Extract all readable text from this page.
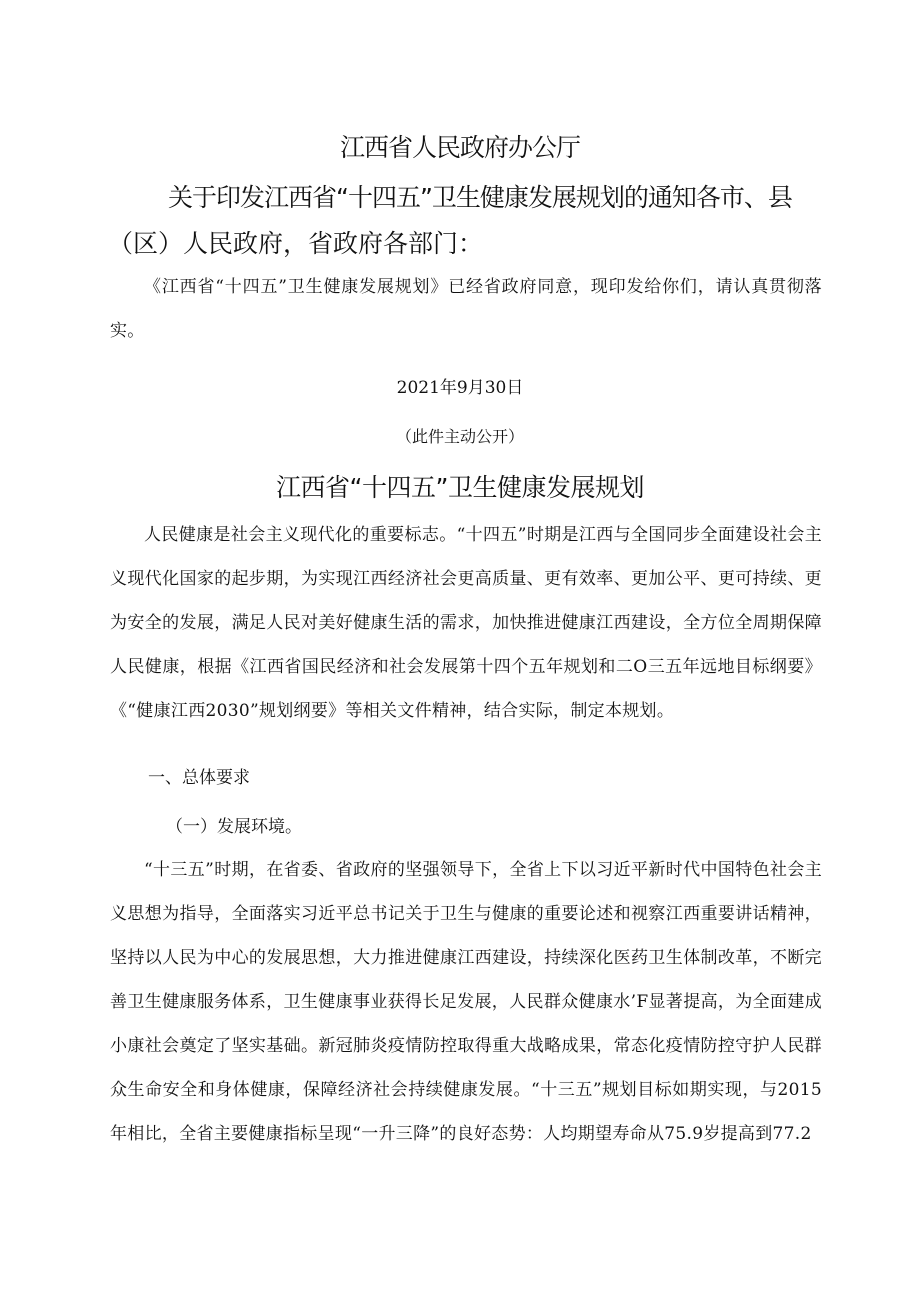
江西省人民政府办公厅
关于印发江西省“十四五”卫生健康发展规划的通知各市、县
（区）人民政府，省政府各部门：

《江西省“十四五”卫生健康发展规划》已经省政府同意，现印发给你们，请认真贯彻落实。

2021年9月30日
（此件主动公开）
江西省“十四五”卫生健康发展规划

人民健康是社会主义现代化的重要标志。“十四五”时期是江西与全国同步全面建设社会主义现代化国家的起步期，为实现江西经济社会更高质量、更有效率、更加公平、更可持续、更为安全的发展，满足人民对美好健康生活的需求，加快推进健康江西建设，全方位全周期保障人民健康，根据《江西省国民经济和社会发展第十四个五年规划和二O三五年远地目标纲要》《“健康江西2030”规划纲要》等相关文件精神，结合实际，制定本规划。

一、总体要求
（一）发展环境。

“十三五”时期，在省委、省政府的坚强领导下，全省上下以习近平新时代中国特色社会主义思想为指导，全面落实习近平总书记关于卫生与健康的重要论述和视察江西重要讲话精神，坚持以人民为中心的发展思想，大力推进健康江西建设，持续深化医药卫生体制改革，不断完善卫生健康服务体系，卫生健康事业获得长足发展，人民群众健康水’F显著提高，为全面建成小康社会奠定了坚实基础。新冠肺炎疫情防控取得重大战略成果，常态化疫情防控守护人民群众生命安全和身体健康，保障经济社会持续健康发展。“十三五”规划目标如期实现，与2015年相比，全省主要健康指标呈现“一升三降”的良好态势：人均期望寿命从75.9岁提高到77.2
